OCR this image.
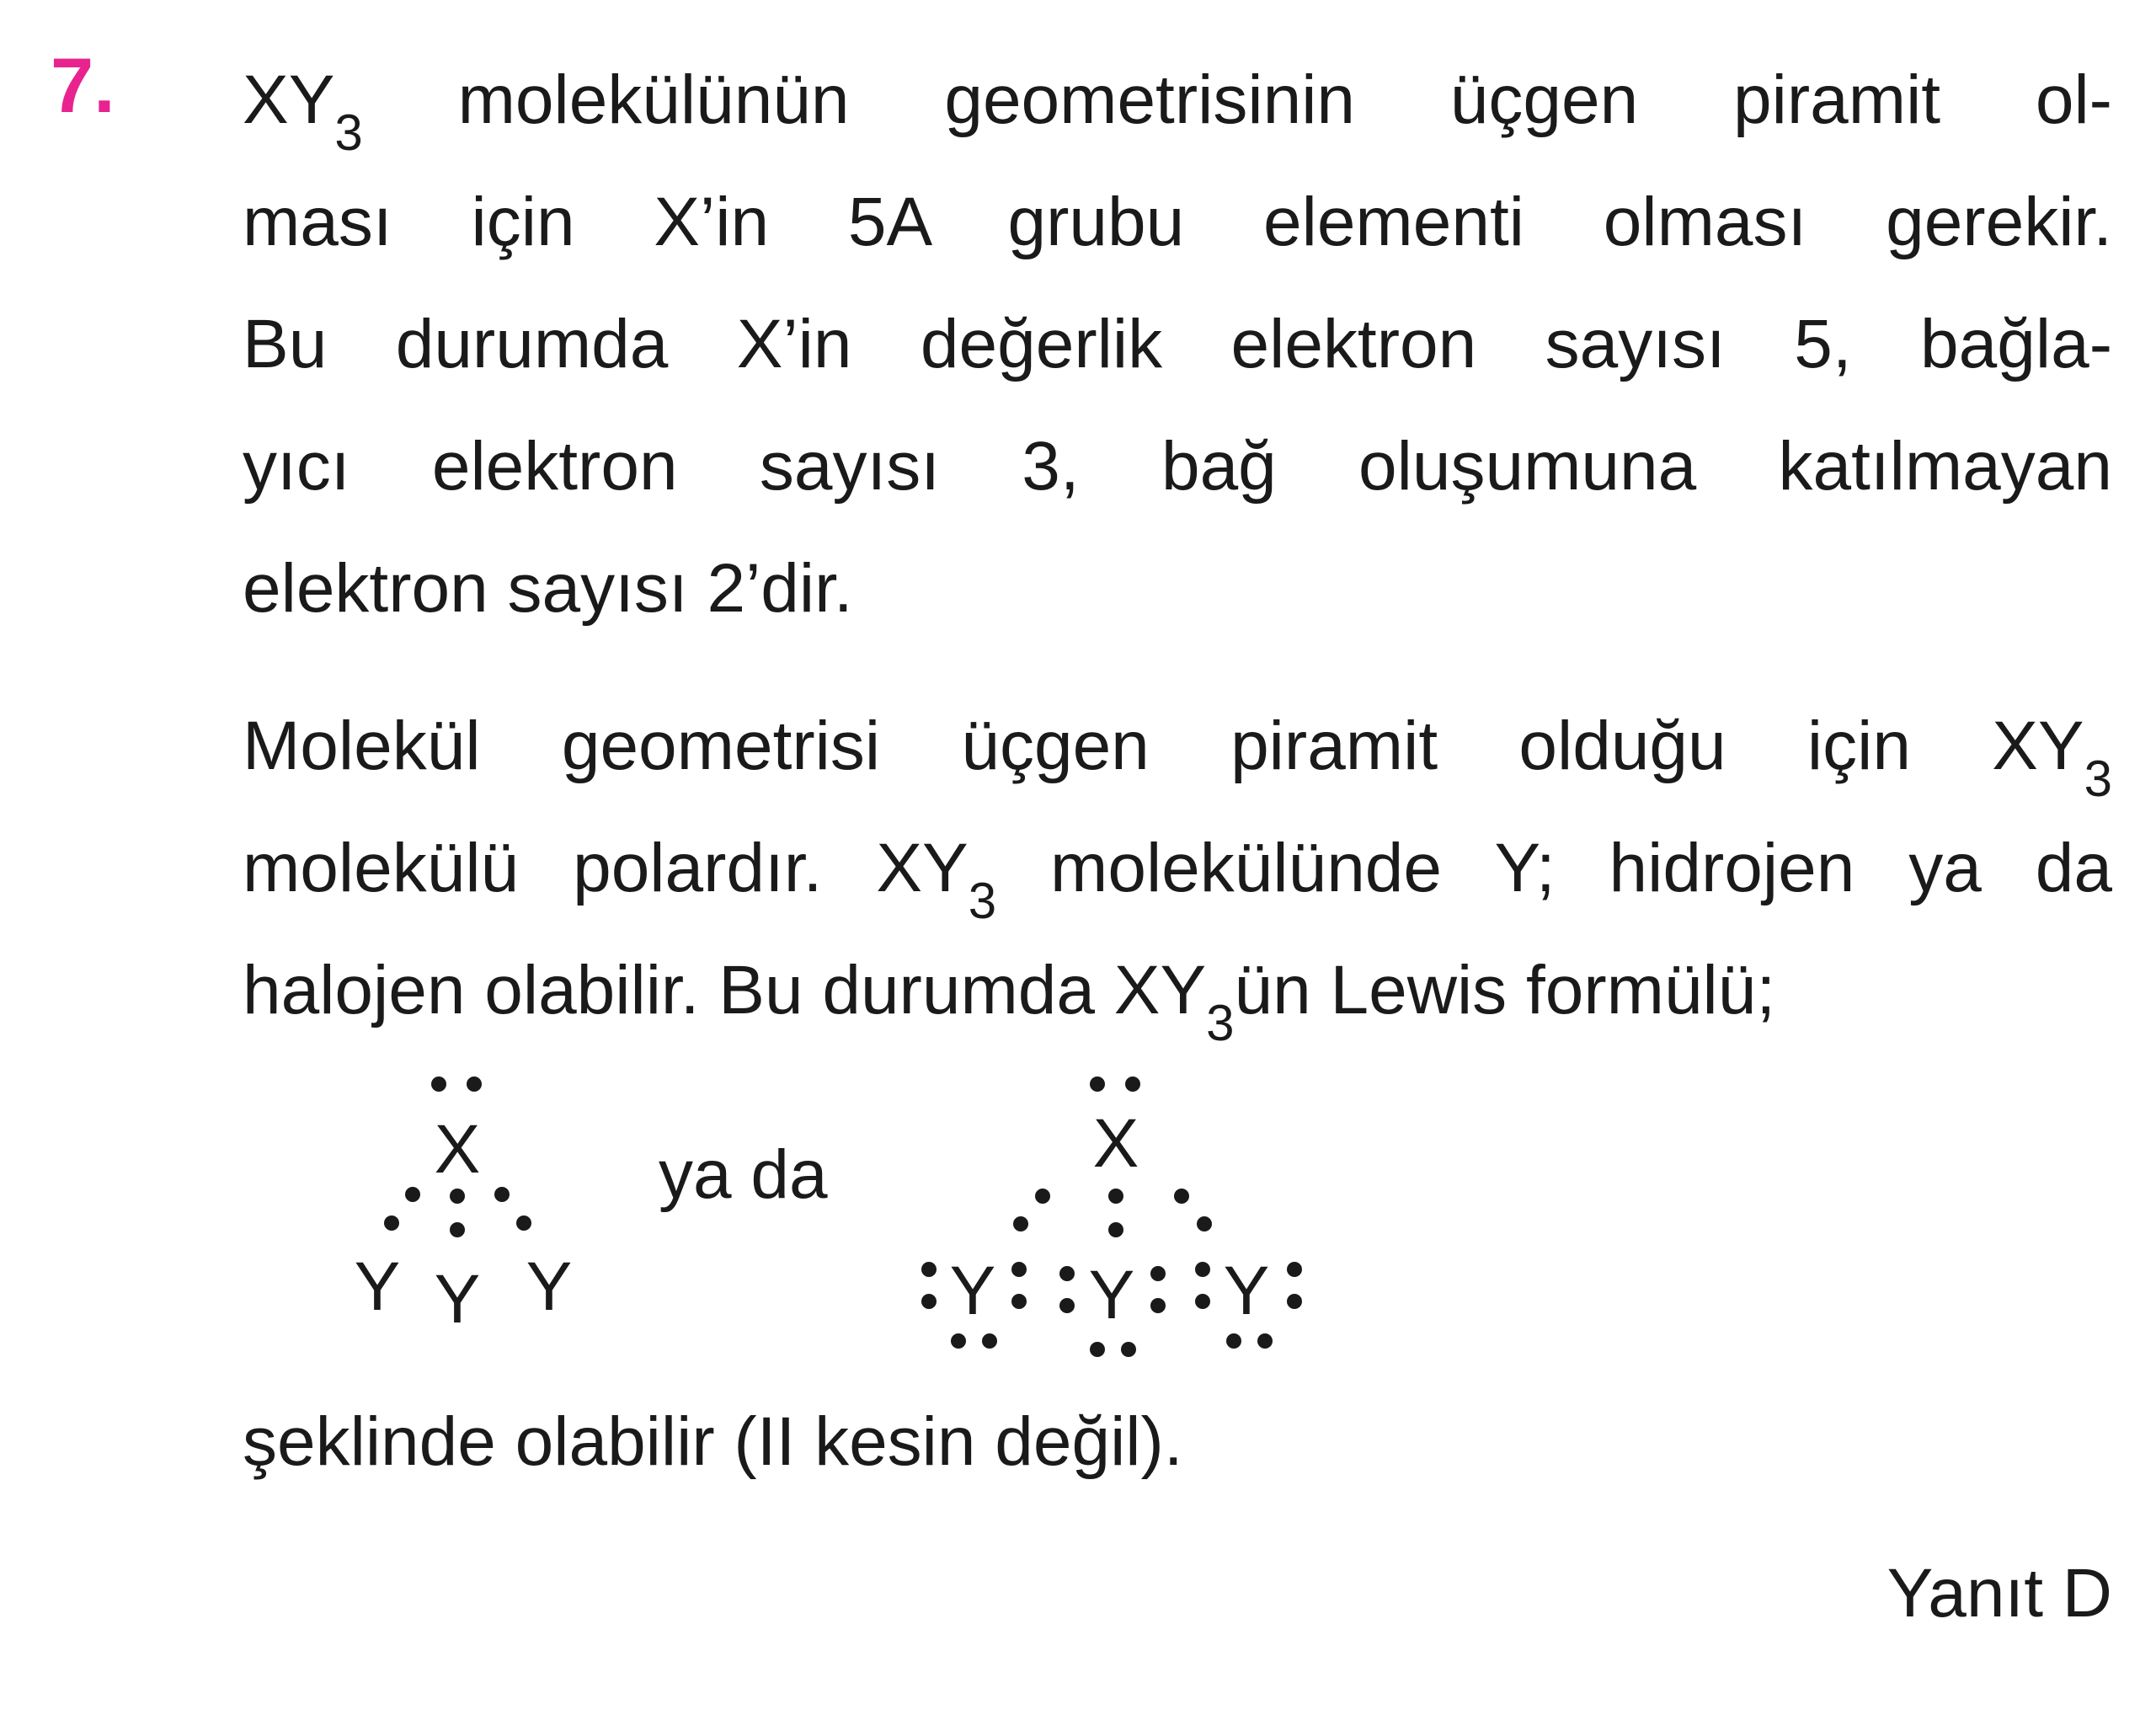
7. $XY_3$ molekülünün geometrisinin üçgen piramit ol-
ması için X’in 5A grubu elementi olması gerekir.
Bu durumda X’in değerlik elektron sayısı 5, bağla-
yıcı elektron sayısı 3, bağ oluşumuna katılmayan
elektron sayısı 2’dir.
Molekül geometrisi üçgen piramit olduğu için $XY_3$
molekülü polardır. $XY_3$ molekülünde Y; hidrojen ya da
halojen olabilir. Bu durumda $XY_3ün$ Lewis formülü;
X
Y Y Y
X
Y Y Y
ya da
şeklinde olabilir (II kesin değil).
Yanıt D
